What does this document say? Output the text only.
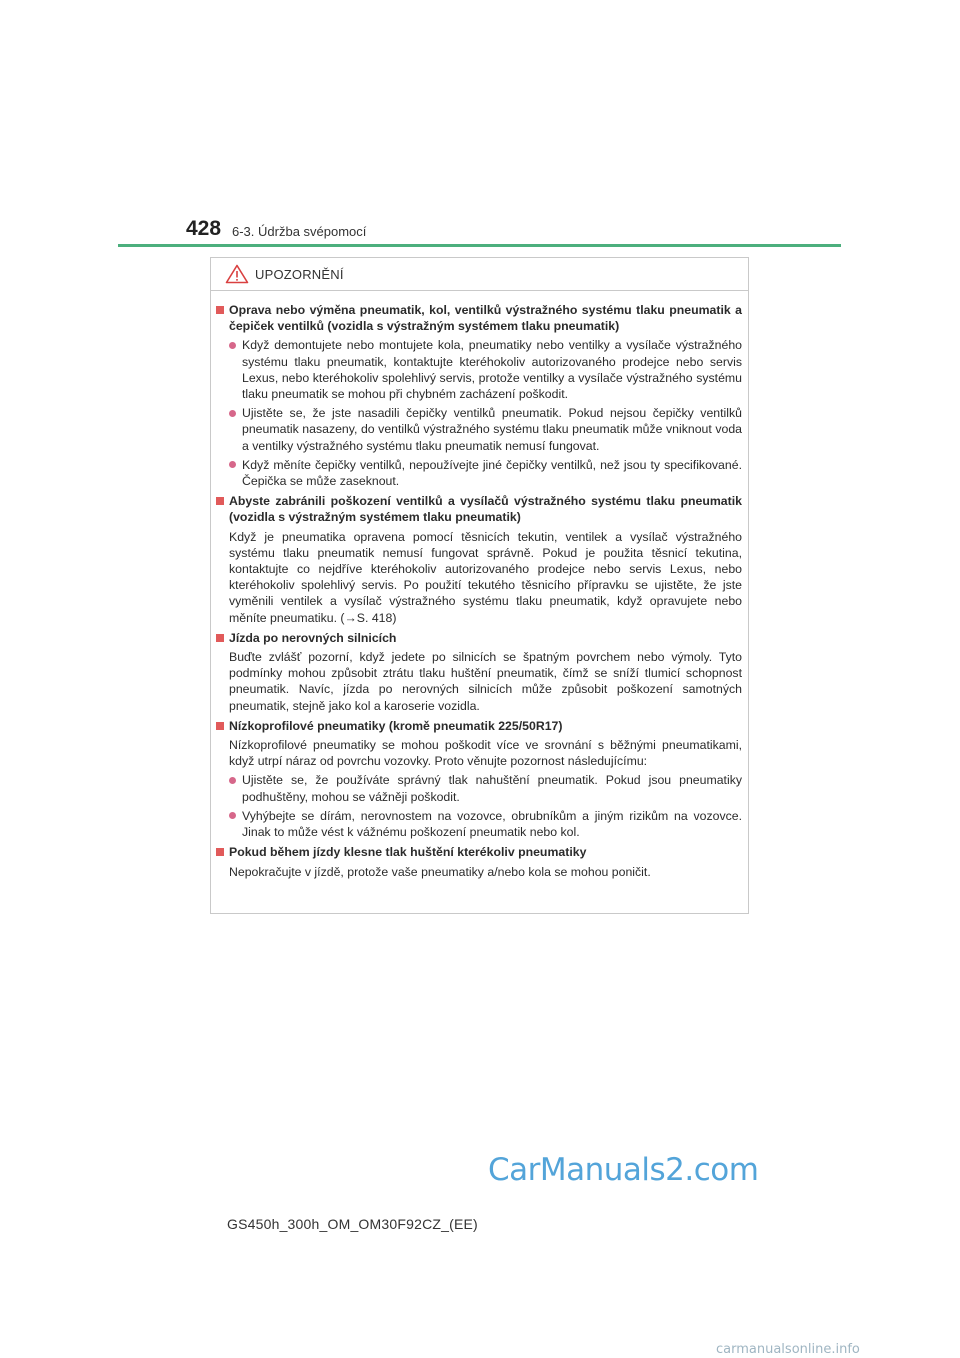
428 6-3. Údržba svépomocí
UPOZORNĚNÍ
Oprava nebo výměna pneumatik, kol, ventilků výstražného systému tlaku pneumatik a čepiček ventilků (vozidla s výstražným systémem tlaku pneumatik)
Když demontujete nebo montujete kola, pneumatiky nebo ventilky a vysílače výstražného systému tlaku pneumatik, kontaktujte kteréhokoliv autorizovaného prodejce nebo servis Lexus, nebo kteréhokoliv spolehlivý servis, protože ventilky a vysílače výstražného systému tlaku pneumatik se mohou při chybném zacházení poškodit.
Ujistěte se, že jste nasadili čepičky ventilků pneumatik. Pokud nejsou čepičky ventilků pneumatik nasazeny, do ventilků výstražného systému tlaku pneumatik může vniknout voda a ventilky výstražného systému tlaku pneumatik nemusí fungovat.
Když měníte čepičky ventilků, nepoužívejte jiné čepičky ventilků, než jsou ty specifikované. Čepička se může zaseknout.
Abyste zabránili poškození ventilků a vysílačů výstražného systému tlaku pneumatik (vozidla s výstražným systémem tlaku pneumatik)
Když je pneumatika opravena pomocí těsnicích tekutin, ventilek a vysílač výstražného systému tlaku pneumatik nemusí fungovat správně. Pokud je použita těsnicí tekutina, kontaktujte co nejdříve kteréhokoliv autorizovaného prodejce nebo servis Lexus, nebo kteréhokoliv spolehlivý servis. Po použití tekutého těsnicího přípravku se ujistěte, že jste vyměnili ventilek a vysílač výstražného systému tlaku pneumatik, když opravujete nebo měníte pneumatiku. (→S. 418)
Jízda po nerovných silnicích
Buďte zvlášť pozorní, když jedete po silnicích se špatným povrchem nebo výmoly. Tyto podmínky mohou způsobit ztrátu tlaku huštění pneumatik, čímž se sníží tlumicí schopnost pneumatik. Navíc, jízda po nerovných silnicích může způsobit poškození samotných pneumatik, stejně jako kol a karoserie vozidla.
Nízkoprofilové pneumatiky (kromě pneumatik 225/50R17)
Nízkoprofilové pneumatiky se mohou poškodit více ve srovnání s běžnými pneumatikami, když utrpí náraz od povrchu vozovky. Proto věnujte pozornost následujícímu:
Ujistěte se, že používáte správný tlak nahuštění pneumatik. Pokud jsou pneumatiky podhuštěny, mohou se vážněji poškodit.
Vyhýbejte se dírám, nerovnostem na vozovce, obrubníkům a jiným rizikům na vozovce. Jinak to může vést k vážnému poškození pneumatik nebo kol.
Pokud během jízdy klesne tlak huštění kterékoliv pneumatiky
Nepokračujte v jízdě, protože vaše pneumatiky a/nebo kola se mohou poničit.
CarManuals2.com
GS450h_300h_OM_OM30F92CZ_(EE)
carmanualsonline.info
